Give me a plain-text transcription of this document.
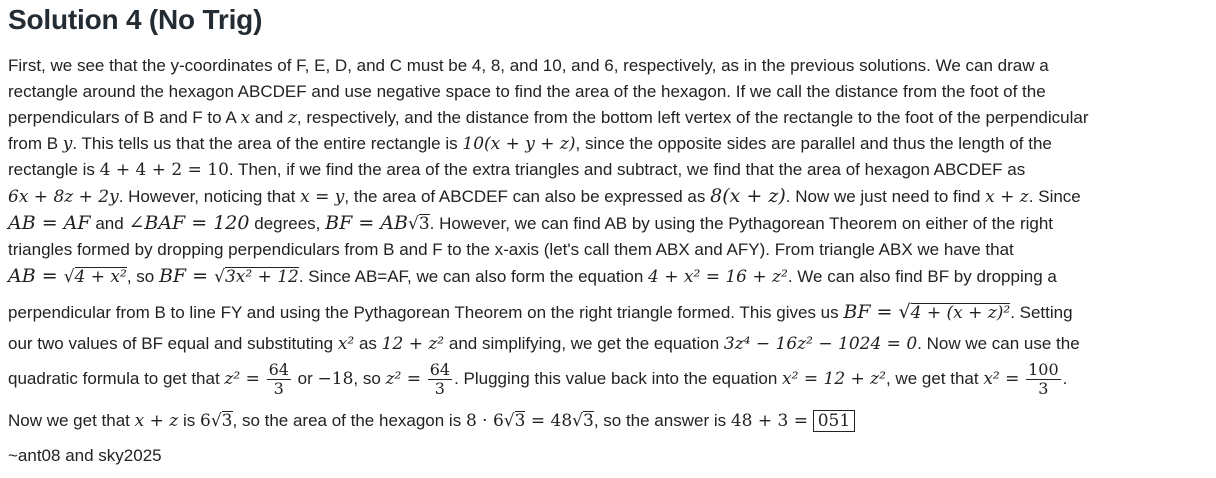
Solution 4 (No Trig)
First, we see that the y-coordinates of F, E, D, and C must be 4, 8, and 10, and 6, respectively, as in the previous solutions. We can draw a
rectangle around the hexagon ABCDEF and use negative space to find the area of the hexagon. If we call the distance from the foot of the
perpendiculars of B and F to A x and z, respectively, and the distance from the bottom left vertex of the rectangle to the foot of the perpendicular
from B y. This tells us that the area of the entire rectangle is 10(x + y + z), since the opposite sides are parallel and thus the length of the
rectangle is 4 + 4 + 2 = 10. Then, if we find the area of the extra triangles and subtract, we find that the area of hexagon ABCDEF as
6x + 8z + 2y. However, noticing that x = y, the area of ABCDEF can also be expressed as 8(x + z). Now we just need to find x + z. Since
AB = AF and ∠BAF = 120 degrees, BF = AB√3. However, we can find AB by using the Pythagorean Theorem on either of the right
triangles formed by dropping perpendiculars from B and F to the x-axis (let's call them ABX and AFY). From triangle ABX we have that
AB = √4 + x², so BF = √3x² + 12. Since AB=AF, we can also form the equation 4 + x² = 16 + z². We can also find BF by dropping a
perpendicular from B to line FY and using the Pythagorean Theorem on the right triangle formed. This gives us BF = √4 + (x + z)². Setting
our two values of BF equal and substituting x² as 12 + z² and simplifying, we get the equation 3z⁴ − 16z² − 1024 = 0. Now we can use the
quadratic formula to get that $z^2 = \frac{64}{3}$ or −18, so $z^2 = \frac{64}{3}$ . Plugging this value back into the equation x² = 12 + z², we get that $x^2 = \frac{100}{3}$ .
Now we get that x + z is 6√3, so the area of the hexagon is 8 · 6√3 = 48√3, so the answer is 48 + 3 = 051
~ant08 and sky2025
